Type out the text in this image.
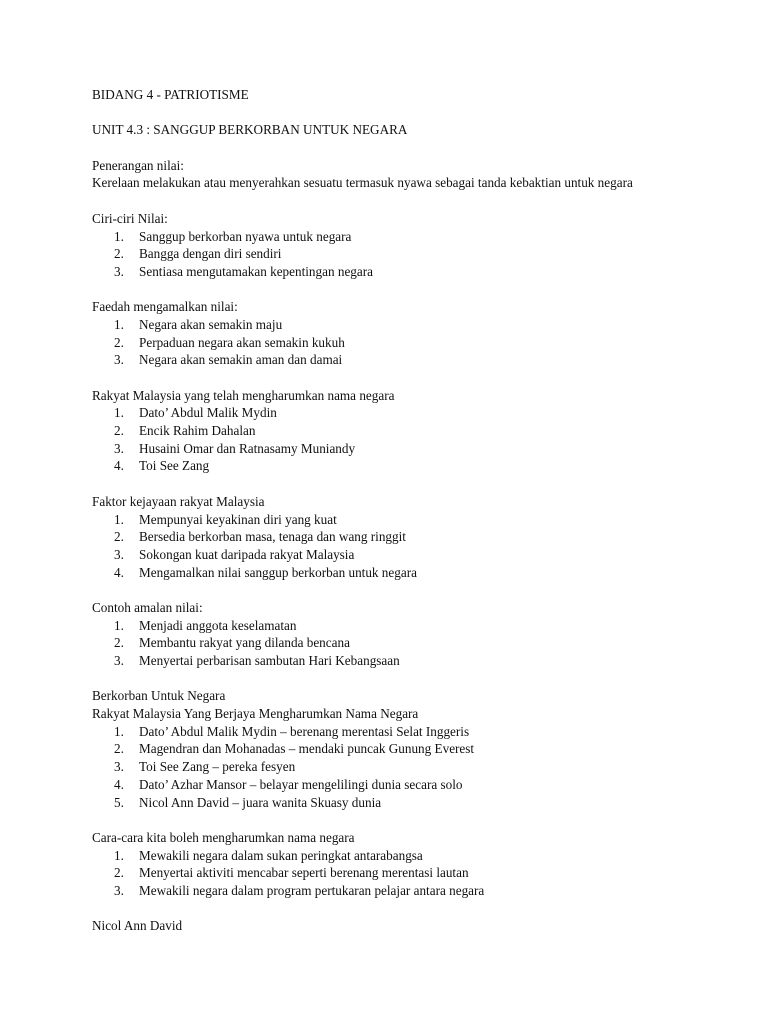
BIDANG 4 - PATRIOTISME
UNIT 4.3 : SANGGUP BERKORBAN UNTUK NEGARA
Penerangan nilai:
Kerelaan melakukan atau menyerahkan sesuatu termasuk nyawa sebagai tanda kebaktian untuk negara
Ciri-ciri Nilai:
1.	Sanggup berkorban nyawa untuk negara
2.	Bangga dengan diri sendiri
3.	Sentiasa mengutamakan kepentingan negara
Faedah mengamalkan nilai:
1.	Negara akan semakin maju
2.	Perpaduan negara akan semakin kukuh
3.	Negara akan semakin aman dan damai
Rakyat Malaysia yang telah mengharumkan nama negara
1.	Dato’ Abdul Malik Mydin
2.	Encik Rahim Dahalan
3.	Husaini Omar dan Ratnasamy Muniandy
4.	Toi See Zang
Faktor kejayaan rakyat Malaysia
1.	Mempunyai keyakinan diri yang kuat
2.	Bersedia berkorban masa, tenaga dan wang ringgit
3.	Sokongan kuat daripada rakyat Malaysia
4.	Mengamalkan nilai sanggup berkorban untuk negara
Contoh amalan nilai:
1.	Menjadi anggota keselamatan
2.	Membantu rakyat yang dilanda bencana
3.	Menyertai perbarisan sambutan Hari Kebangsaan
Berkorban Untuk Negara
Rakyat Malaysia Yang Berjaya Mengharumkan Nama Negara
1.	Dato’ Abdul Malik Mydin – berenang merentasi Selat Inggeris
2.	Magendran dan Mohanadas – mendaki puncak Gunung Everest
3.	Toi See Zang – pereka fesyen
4.	Dato’ Azhar Mansor – belayar mengelilingi dunia secara solo
5.	Nicol Ann David – juara wanita Skuasy dunia
Cara-cara kita boleh mengharumkan nama negara
1.	Mewakili negara dalam sukan peringkat antarabangsa
2.	Menyertai aktiviti mencabar seperti berenang merentasi lautan
3.	Mewakili negara dalam program pertukaran pelajar antara negara
Nicol Ann David
